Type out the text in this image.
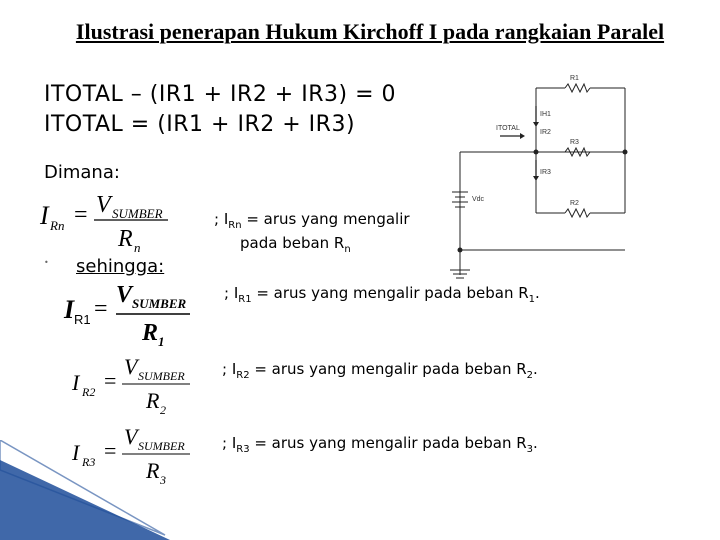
Ilustrasi penerapan Hukum Kirchoff I pada rangkaian Paralel
ITOTAL – (IR1 + IR2 + IR3) = 0
ITOTAL = (IR1 + IR2 + IR3)
Dimana:
• sehingga:
I Rn = V SUMBER
R n
; $I_{Rn}$ = arus yang mengalir
pada beban $R_n$
I R1 =
V SUMBER
R 1
; $I_{R1}$ = arus yang mengalir pada beban $R_1$.
I R2 =
V SUMBER
R 2
; $I_{R2}$ = arus yang mengalir pada beban $R_2$.
I R3 =
V SUMBER
R 3
; $I_{R3}$ = arus yang mengalir pada beban $R_3$.
R1
R3
R2
IH1
IR2
IR3
ITOTAL
Vdc
